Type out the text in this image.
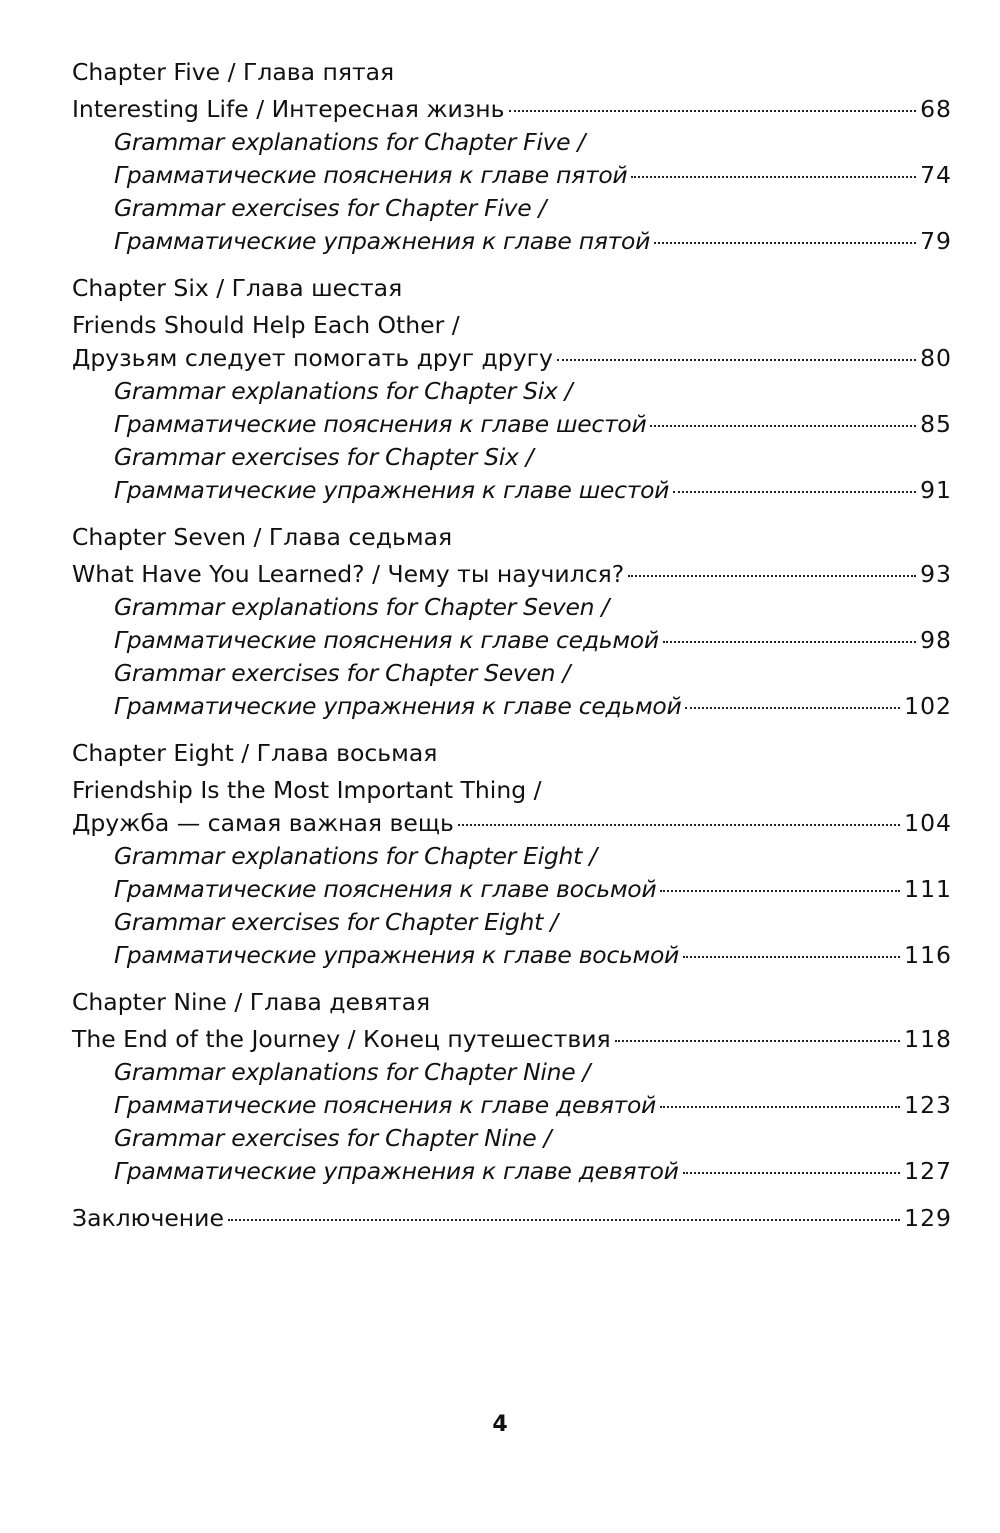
Chapter Five / Глава пятая
Interesting Life / Интересная жизнь	68
Grammar explanations for Chapter Five /
Грамматические пояснения к главе пятой	74
Grammar exercises for Chapter Five /
Грамматические упражнения к главе пятой	79
Chapter Six / Глава шестая
Friends Should Help Each Other /
Друзьям следует помогать друг другу	80
Grammar explanations for Chapter Six /
Грамматические пояснения к главе шестой	85
Grammar exercises for Chapter Six /
Грамматические упражнения к главе шестой	91
Chapter Seven / Глава седьмая
What Have You Learned? / Чему ты научился?	93
Grammar explanations for Chapter Seven /
Грамматические пояснения к главе седьмой	98
Grammar exercises for Chapter Seven /
Грамматические упражнения к главе седьмой	102
Chapter Eight / Глава восьмая
Friendship Is the Most Important Thing /
Дружба — самая важная вещь	104
Grammar explanations for Chapter Eight /
Грамматические пояснения к главе восьмой	111
Grammar exercises for Chapter Eight /
Грамматические упражнения к главе восьмой	116
Chapter Nine / Глава девятая
The End of the Journey / Конец путешествия	118
Grammar explanations for Chapter Nine /
Грамматические пояснения к главе девятой	123
Grammar exercises for Chapter Nine /
Грамматические упражнения к главе девятой	127
Заключение	129
4
